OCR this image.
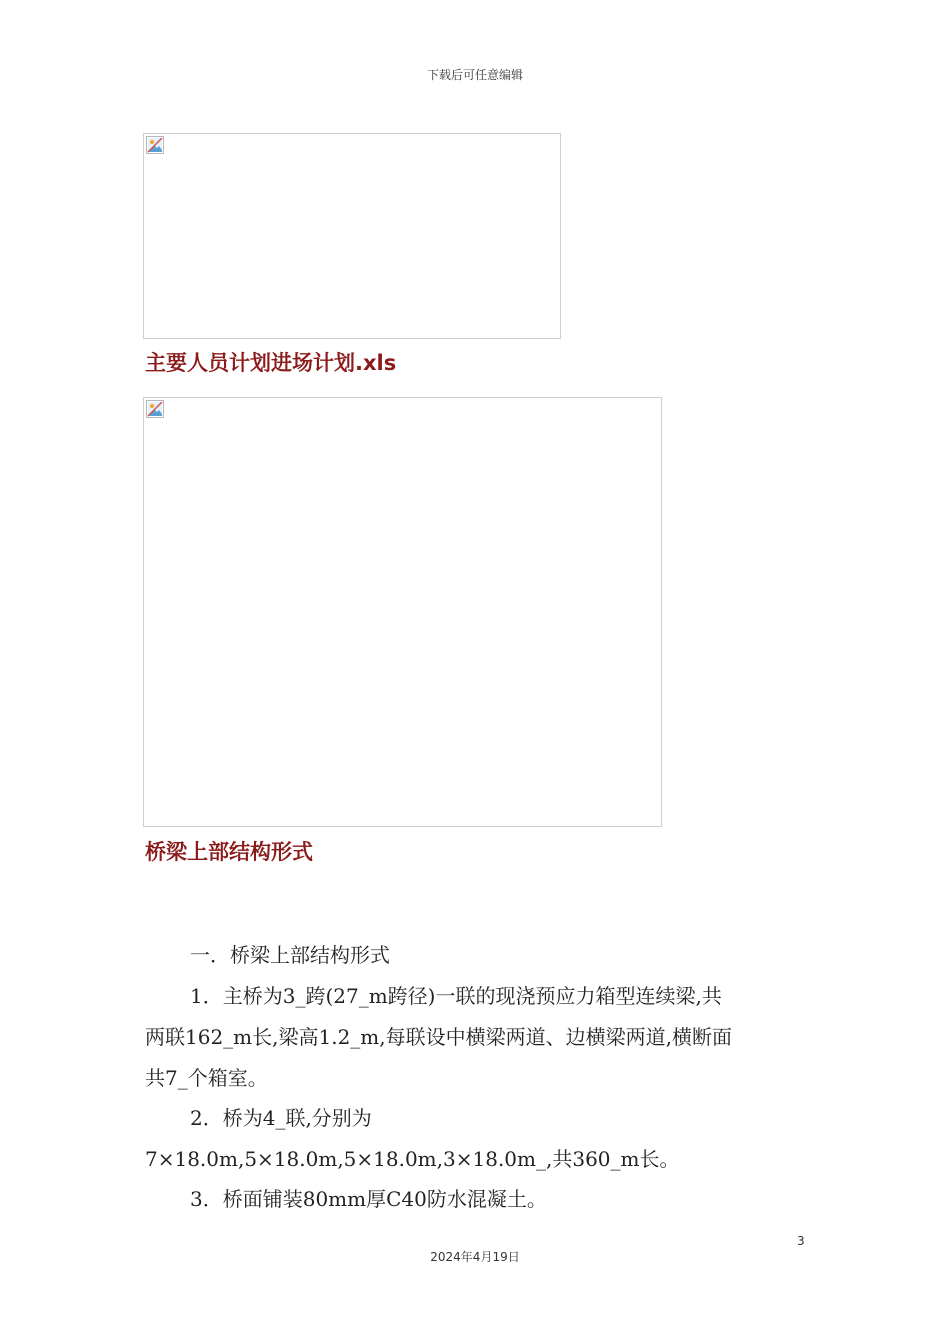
下载后可任意编辑
主要人员计划进场计划.xls
桥梁上部结构形式
一．桥梁上部结构形式
1．主桥为3_跨(27_m跨径)一联的现浇预应力箱型连续梁,共
两联162_m长,梁高1.2_m,每联设中横梁两道、边横梁两道,横断面
共7_个箱室。
2．桥为4_联,分别为
7×18.0m,5×18.0m,5×18.0m,3×18.0m_,共360_m长。
3．桥面铺装80mm厚C40防水混凝土。
3
2024年4月19日
